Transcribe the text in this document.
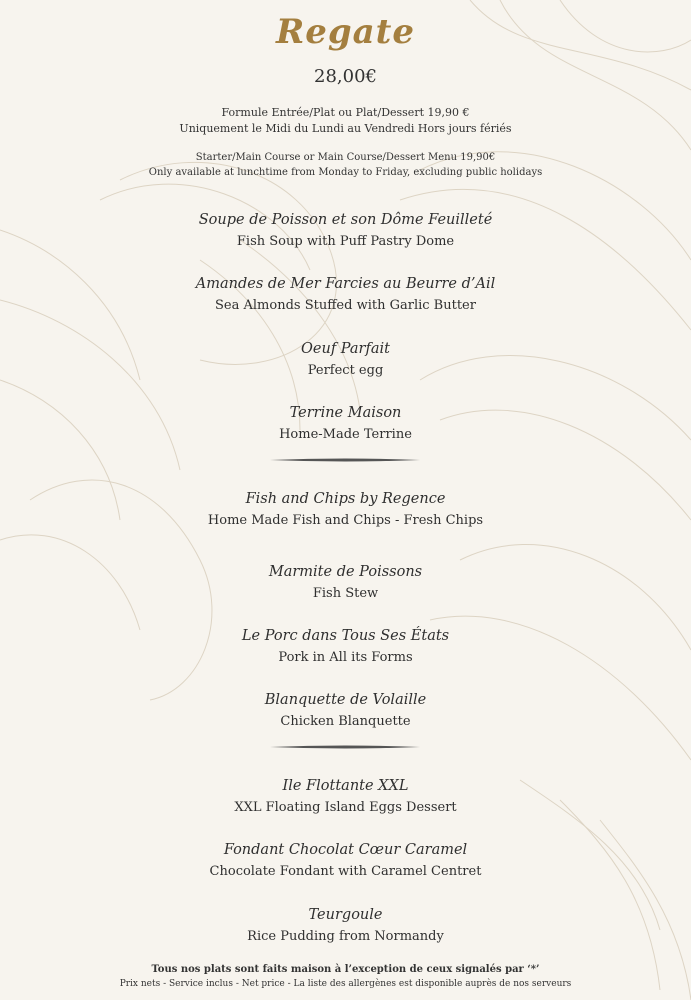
Regate
28,00€
Formule Entrée/Plat ou Plat/Dessert 19,90 €
Uniquement le Midi du Lundi au Vendredi Hors jours fériés
Starter/Main Course or Main Course/Dessert Menu 19,90€
Only available at lunchtime from Monday to Friday, excluding public holidays
Soupe de Poisson et son Dôme Feuilleté
Fish Soup with Puff Pastry Dome
Amandes de Mer Farcies au Beurre d’Ail
Sea Almonds Stuffed with Garlic Butter
Oeuf Parfait
Perfect egg
Terrine Maison
Home-Made Terrine
Fish and Chips by Regence
Home Made Fish and Chips - Fresh Chips
Marmite de Poissons
Fish Stew
Le Porc dans Tous Ses États
Pork in All its Forms
Blanquette de Volaille
Chicken Blanquette
Ile Flottante XXL
XXL Floating Island Eggs Dessert
Fondant Chocolat Cœur Caramel
Chocolate Fondant with Caramel Centret
Teurgoule
Rice Pudding from Normandy
Tous nos plats sont faits maison à l’exception de ceux signalés par ‘*’
Prix nets - Service inclus - Net price - La liste des allergènes est disponible auprès de nos serveurs
